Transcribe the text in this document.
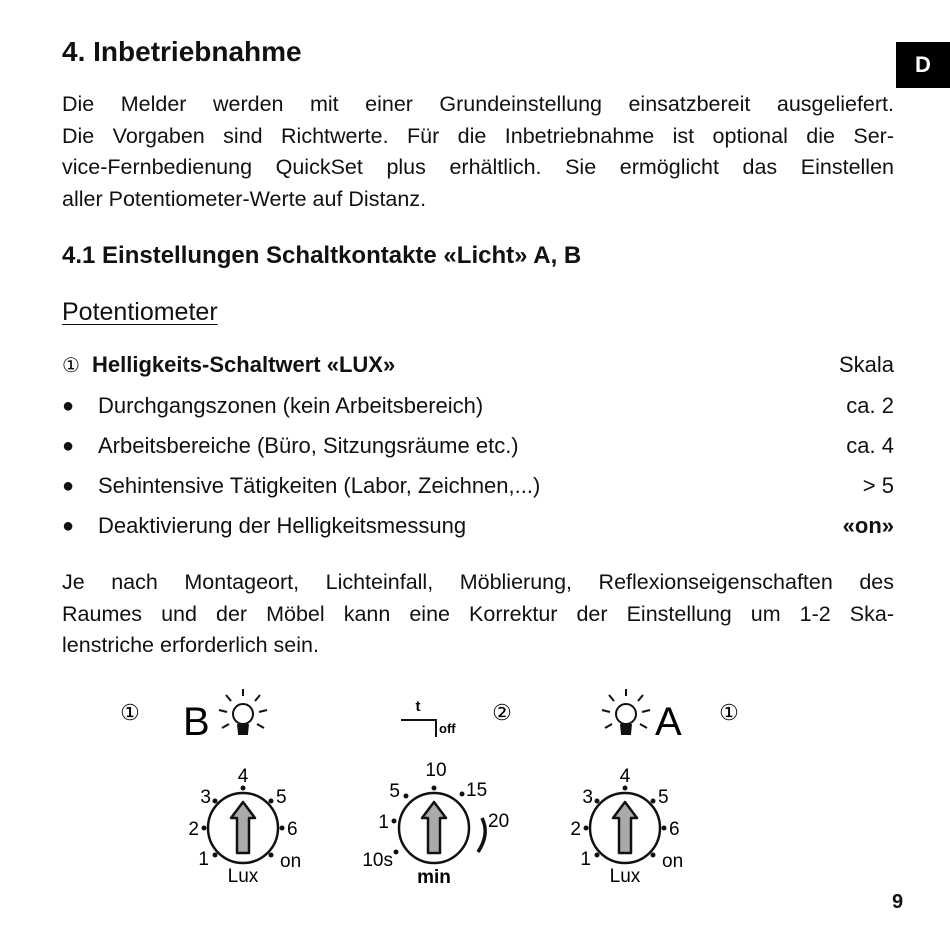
D
4. Inbetriebnahme
Die Melder werden mit einer Grundeinstellung einsatzbereit ausgeliefert.
Die Vorgaben sind Richtwerte. Für die Inbetriebnahme ist optional die Ser-
vice-Fernbedienung QuickSet plus erhältlich. Sie ermöglicht das Einstellen
aller Potentiometer-Werte auf Distanz.
4.1 Einstellungen Schaltkontakte «Licht» A, B
Potentiometer
① Helligkeits-Schaltwert «LUX»	Skala
●	Durchgangszonen (kein Arbeitsbereich)	ca. 2
●	Arbeitsbereiche (Büro, Sitzungsräume etc.)	ca. 4
●	Sehintensive Tätigkeiten (Labor, Zeichnen,...)	> 5
●	Deaktivierung der Helligkeitsmessung	«on»
Je nach Montageort, Lichteinfall, Möblierung, Reflexionseigenschaften des
Raumes und der Möbel kann eine Korrektur der Einstellung um 1-2 Ska-
lenstriche erforderlich sein.
① B
1
2
3
4
5
6
on
Lux
t
off
②
10s
1
5
10
15
20
min
A ①
1
2
3
4
5
6
on
Lux
9
